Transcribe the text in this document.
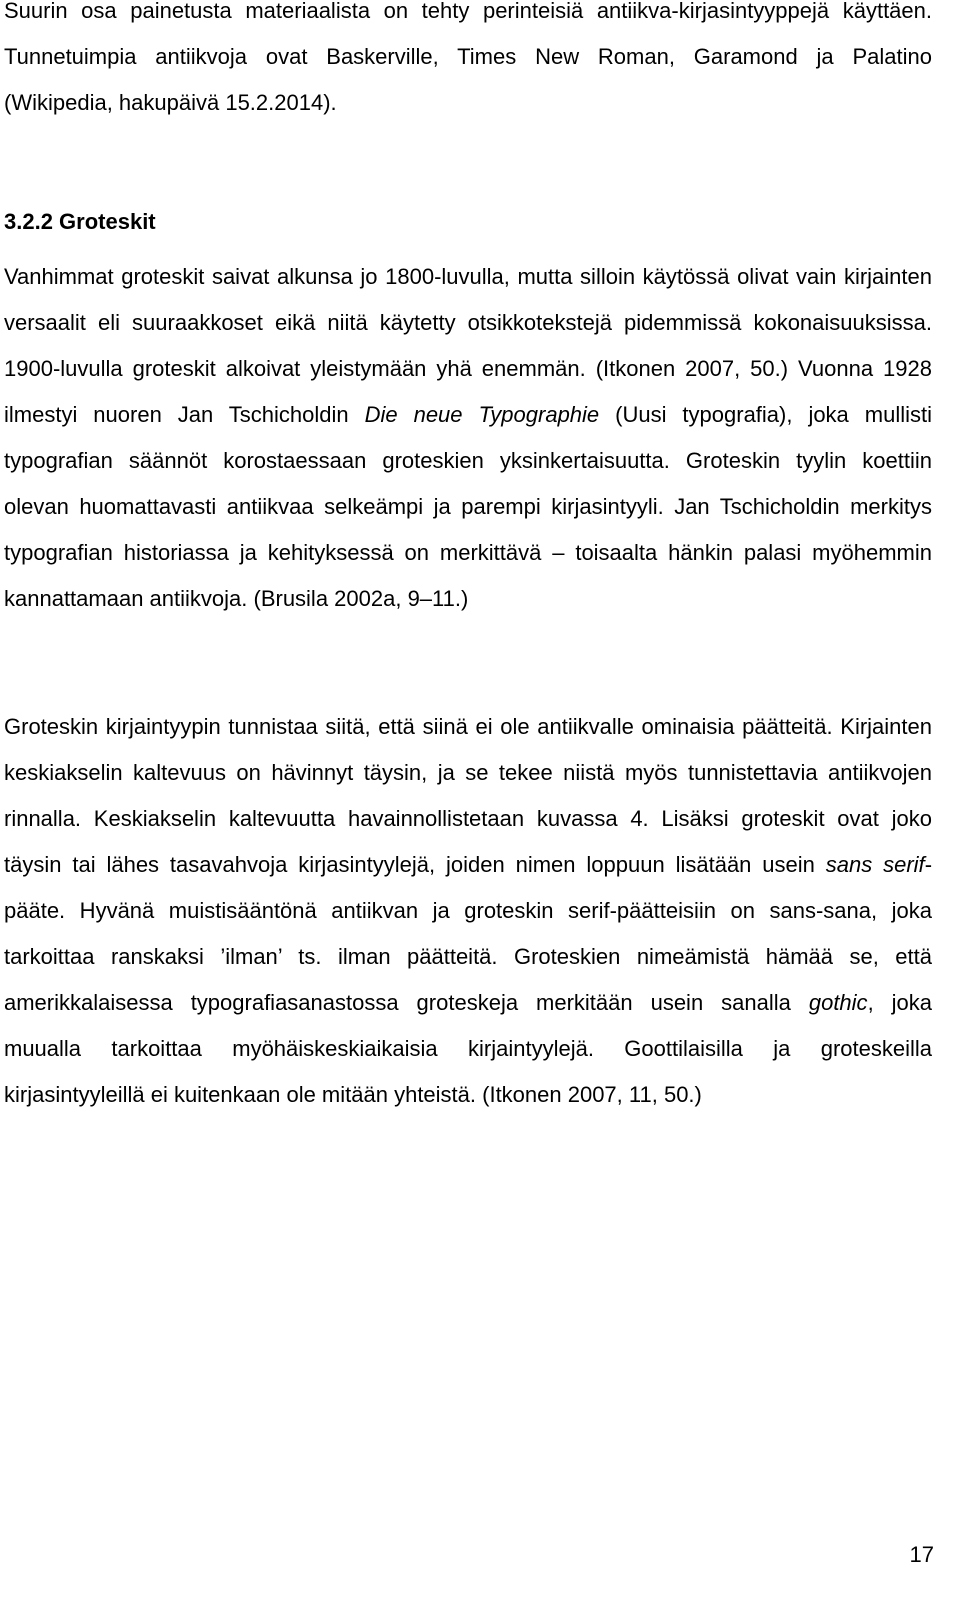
Suurin osa painetusta materiaalista on tehty perinteisiä antiikva-kirjasintyyppejä käyttäen. Tunnetuimpia antiikvoja ovat Baskerville, Times New Roman, Garamond ja Palatino (Wikipedia, hakupäivä 15.2.2014).

3.2.2 Groteskit

Vanhimmat groteskit saivat alkunsa jo 1800-luvulla, mutta silloin käytössä olivat vain kirjainten versaalit eli suuraakkoset eikä niitä käytetty otsikkotekstejä pidemmissä kokonaisuuksissa. 1900-luvulla groteskit alkoivat yleistymään yhä enemmän. (Itkonen 2007, 50.) Vuonna 1928 ilmestyi nuoren Jan Tschicholdin Die neue Typographie (Uusi typografia), joka mullisti typografian säännöt korostaessaan groteskien yksinkertaisuutta. Groteskin tyylin koettiin olevan huomattavasti antiikvaa selkeämpi ja parempi kirjasintyyli. Jan Tschicholdin merkitys typografian historiassa ja kehityksessä on merkittävä – toisaalta hänkin palasi myöhemmin kannattamaan antiikvoja. (Brusila 2002a, 9–11.)

Groteskin kirjaintyypin tunnistaa siitä, että siinä ei ole antiikvalle ominaisia päätteitä. Kirjainten keskiakselin kaltevuus on hävinnyt täysin, ja se tekee niistä myös tunnistettavia antiikvojen rinnalla. Keskiakselin kaltevuutta havainnollistetaan kuvassa 4. Lisäksi groteskit ovat joko täysin tai lähes tasavahvoja kirjasintyylejä, joiden nimen loppuun lisätään usein sans serif-pääte. Hyvänä muistisääntönä antiikvan ja groteskin serif-päätteisiin on sans-sana, joka tarkoittaa ranskaksi ’ilman’ ts. ilman päätteitä. Groteskien nimeämistä hämää se, että amerikkalaisessa typografiasanastossa groteskeja merkitään usein sanalla gothic, joka muualla tarkoittaa myöhäiskeskiaikaisia kirjaintyylejä. Goottilaisilla ja groteskeilla kirjasintyyleillä ei kuitenkaan ole mitään yhteistä. (Itkonen 2007, 11, 50.)

17
